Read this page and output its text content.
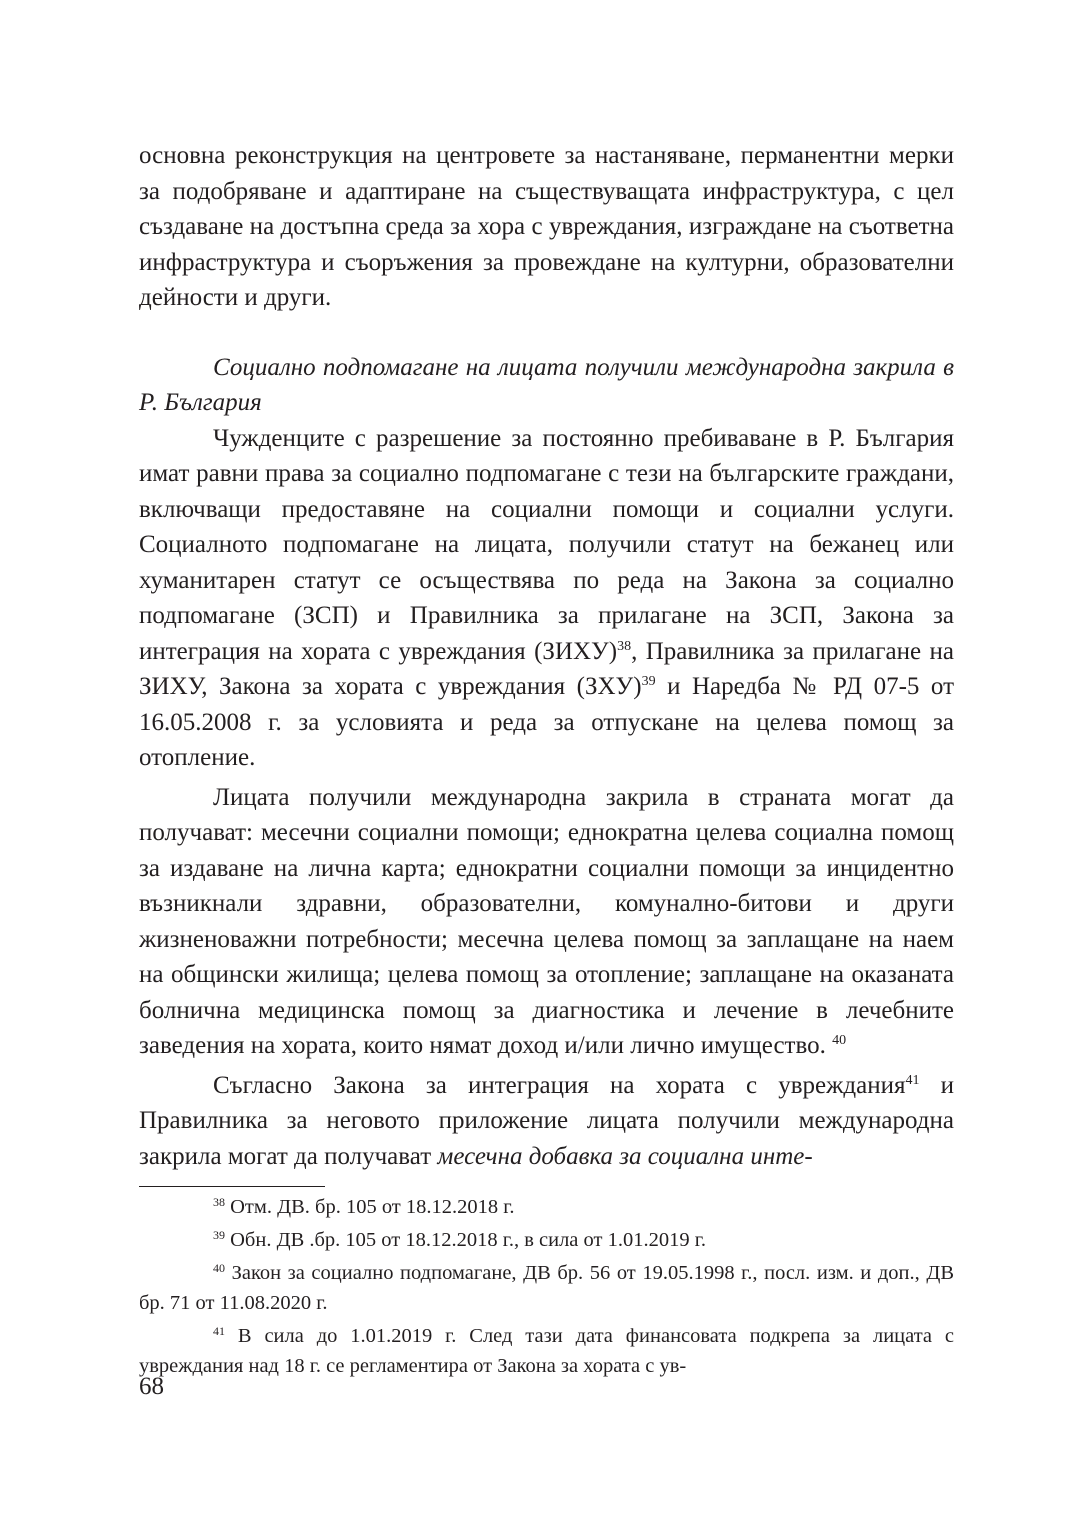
основна реконструкция на центровете за настаняване, перманентни мерки за подобряване и адаптиране на съществуващата инфраструктура, с цел създаване на достъпна среда за хора с увреждания, изграждане на съответна инфраструктура и съоръжения за провеждане на културни, образователни дейности и други.

Социално подпомагане на лицата получили международна закрила в Р. България

Чужденците с разрешение за постоянно пребиваване в Р. България имат равни права за социално подпомагане с тези на българските граждани, включващи предоставяне на социални помощи и социални услуги. Социалното подпомагане на лицата, получили статут на бежанец или хуманитарен статут се осъществява по реда на Закона за социално подпомагане (ЗСП) и Правилника за прилагане на ЗСП, Закона за интеграция на хората с увреждания (ЗИХУ)$^{38}$, Правилника за прилагане на ЗИХУ, Закона за хората с увреждания (ЗХУ)$^{39}$ и Наредба № РД 07-5 от 16.05.2008 г. за условията и реда за отпускане на целева помощ за отопление.

Лицата получили международна закрила в страната могат да получават: месечни социални помощи; еднократна целева социална помощ за издаване на лична карта; еднократни социални помощи за инцидентно възникнали здравни, образователни, комунално-битови и други жизненоважни потребности; месечна целева помощ за заплащане на наем на общински жилища; целева помощ за отопление; заплащане на оказаната болнична медицинска помощ за диагностика и лечение в лечебните заведения на хората, които нямат доход и/или лично имущество. $^{40}$

Съгласно Закона за интеграция на хората с увреждания$^{41}$ и Правилника за неговото приложение лицата получили международна закрила могат да получават месечна добавка за социална инте-

$^{38}$ Отм. ДВ. бр. 105 от 18.12.2018 г.

$^{39}$ Обн. ДВ .бр. 105 от 18.12.2018 г., в сила от 1.01.2019 г.

$^{40}$ Закон за социално подпомагане, ДВ бр. 56 от 19.05.1998 г., посл. изм. и доп., ДВ бр. 71 от 11.08.2020 г.

$^{41}$ В сила до 1.01.2019 г. След тази дата финансовата подкрепа за лицата с увреждания над 18 г. се регламентира от Закона за хората с ув-

68
